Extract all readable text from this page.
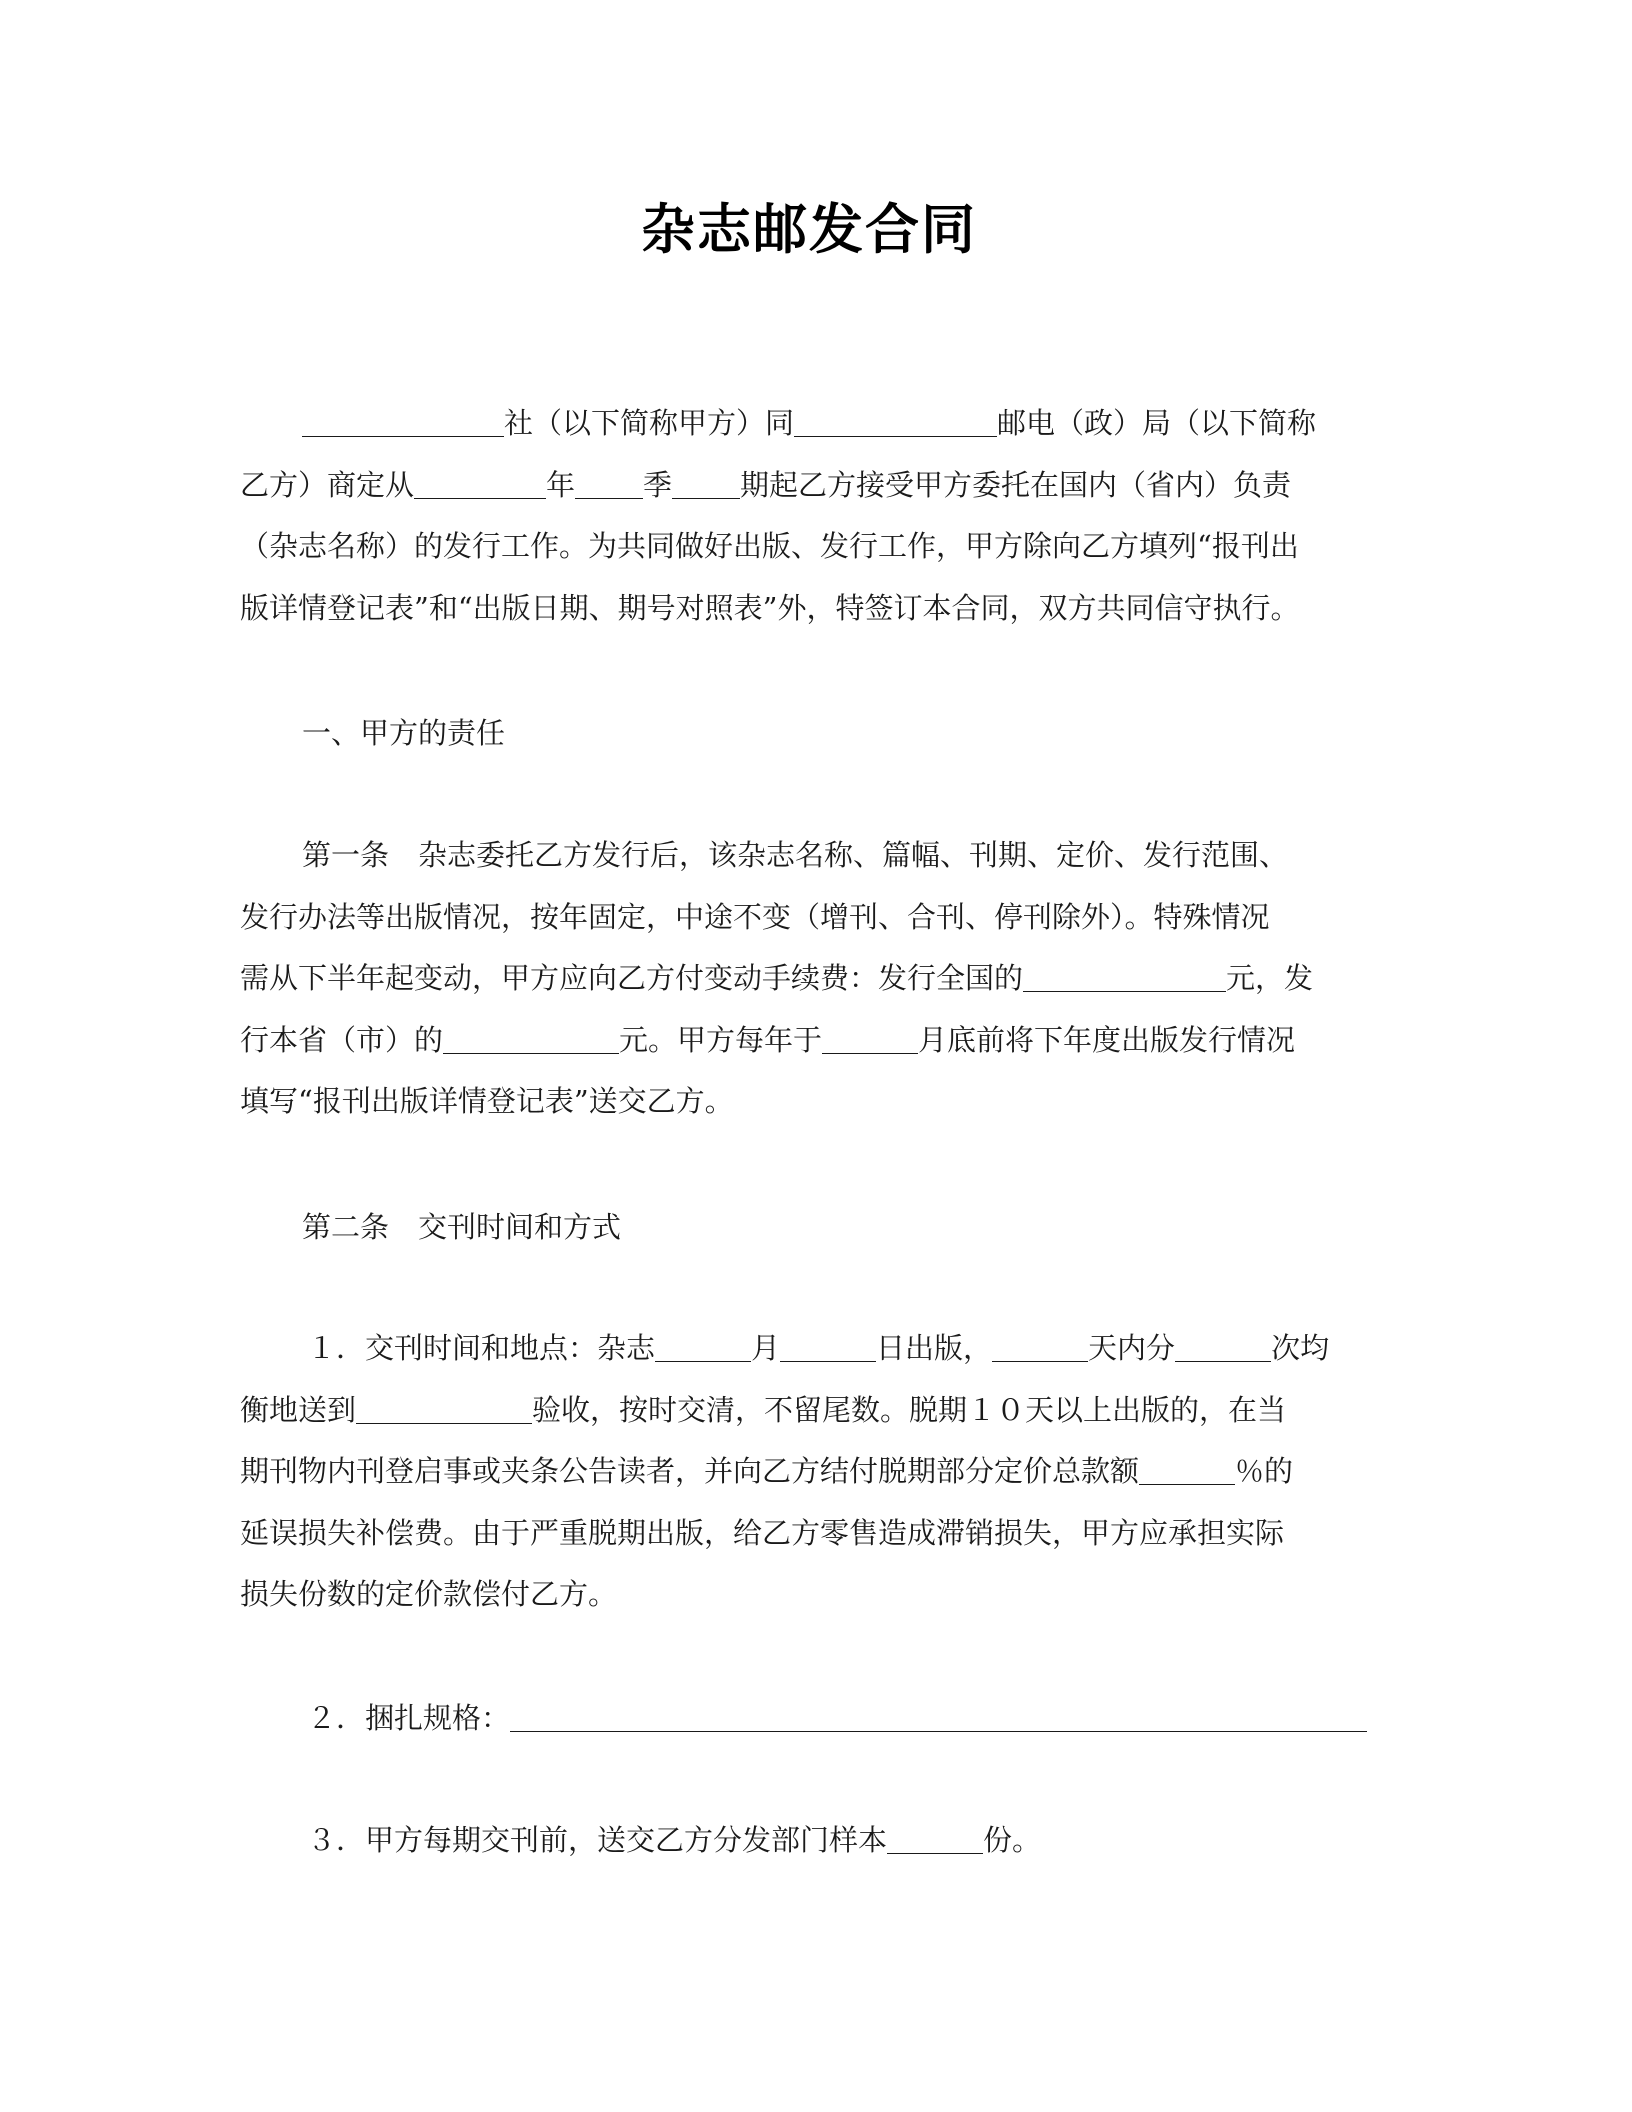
杂志邮发合同
社（以下简称甲方）同	邮电（政）局（以下简称
乙方）商定从	年 季 期起乙方接受甲方委托在国内（省内）负责
（杂志名称）的发行工作。为共同做好出版、发行工作，甲方除向乙方填列“报刊出
版详情登记表”和“出版日期、期号对照表”外，特签订本合同，双方共同信守执行。
一、甲方的责任
第一条　杂志委托乙方发行后，该杂志名称、篇幅、刊期、定价、发行范围、
发行办法等出版情况，按年固定，中途不变（增刊、合刊、停刊除外）。特殊情况
需从下半年起变动，甲方应向乙方付变动手续费：发行全国的	元，发
行本省（市）的	元。甲方每年于	月底前将下年度出版发行情况
填写“报刊出版详情登记表”送交乙方。
第二条　交刊时间和方式
１．交刊时间和地点：杂志	月	日出版，	天内分	次均
衡地送到	验收，按时交清，不留尾数。脱期１０天以上出版的，在当
期刊物内刊登启事或夹条公告读者，并向乙方结付脱期部分定价总款额	％的
延误损失补偿费。由于严重脱期出版，给乙方零售造成滞销损失，甲方应承担实际
损失份数的定价款偿付乙方。
２．捆扎规格：
３．甲方每期交刊前，送交乙方分发部门样本	份。
